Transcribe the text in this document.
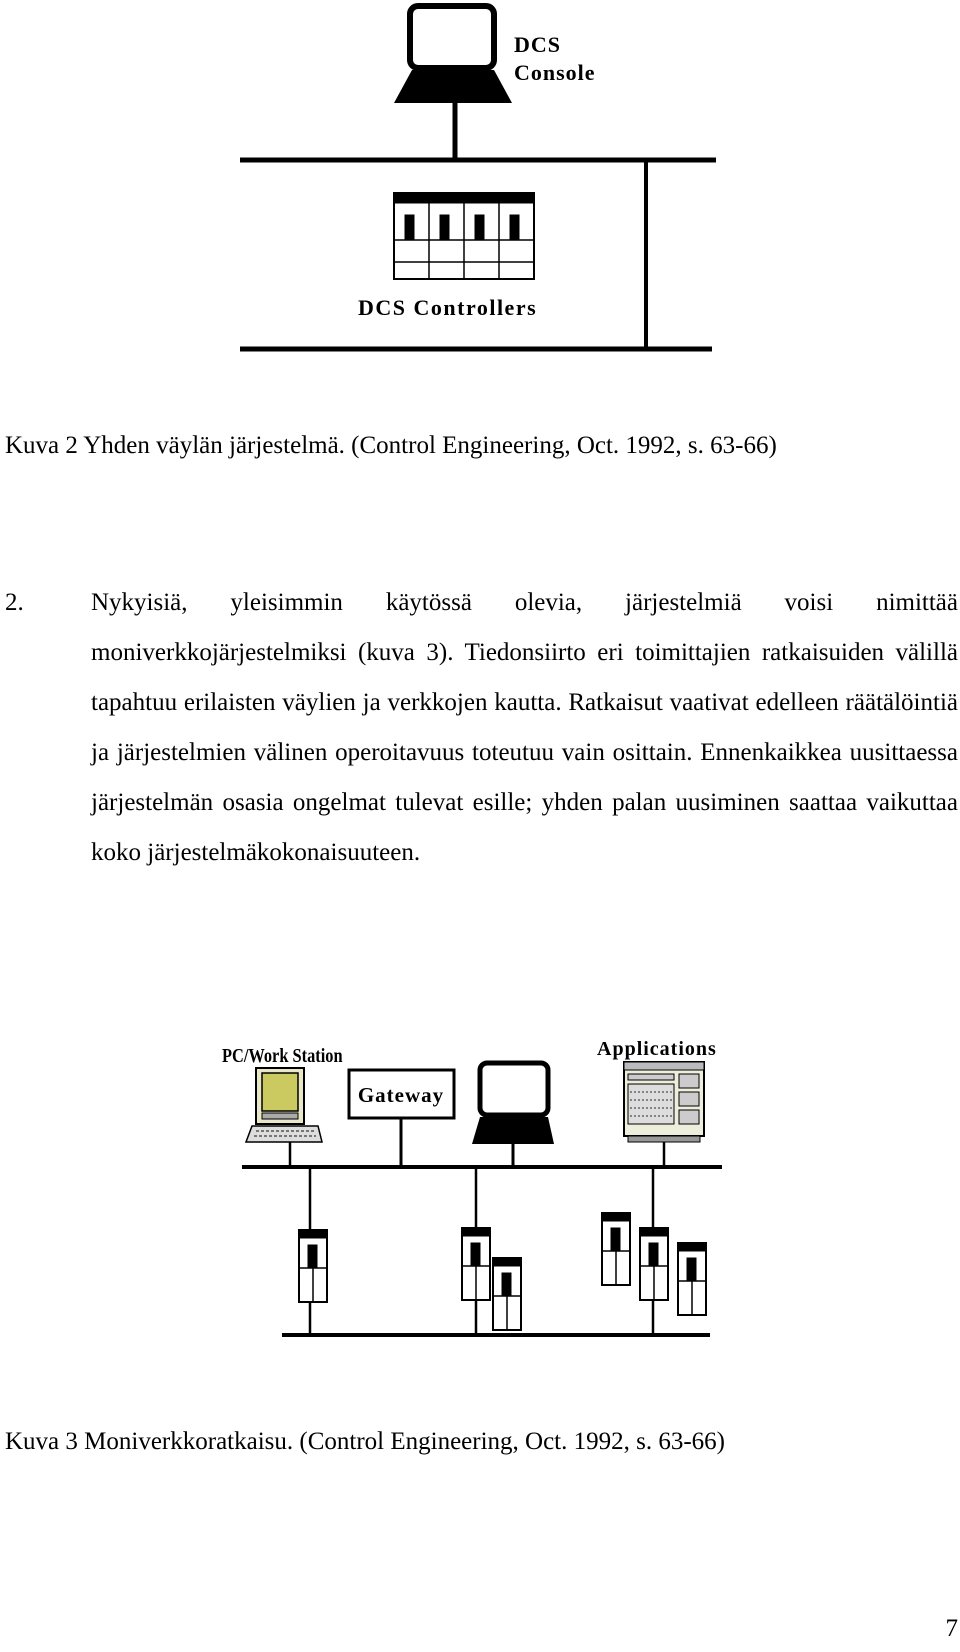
DCS
Console
DCS Controllers
Kuva 2 Yhden väylän järjestelmä. (Control Engineering, Oct. 1992, s. 63-66)
2.	Nykyisiä, yleisimmin käytössä olevia, järjestelmiä voisi nimittää moniverkkojärjestelmiksi (kuva 3). Tiedonsiirto eri toimittajien ratkaisuiden välillä tapahtuu erilaisten väylien ja verkkojen kautta. Ratkaisut vaativat edelleen räätälöintiä ja järjestelmien välinen operoitavuus toteutuu vain osittain. Ennenkaikkea uusittaessa järjestelmän osasia ongelmat tulevat esille; yhden palan uusiminen saattaa vaikuttaa koko järjestelmäkokonaisuuteen.
PC/Work Station
Gateway
Applications
Kuva 3 Moniverkkoratkaisu. (Control Engineering, Oct. 1992, s. 63-66)
7
